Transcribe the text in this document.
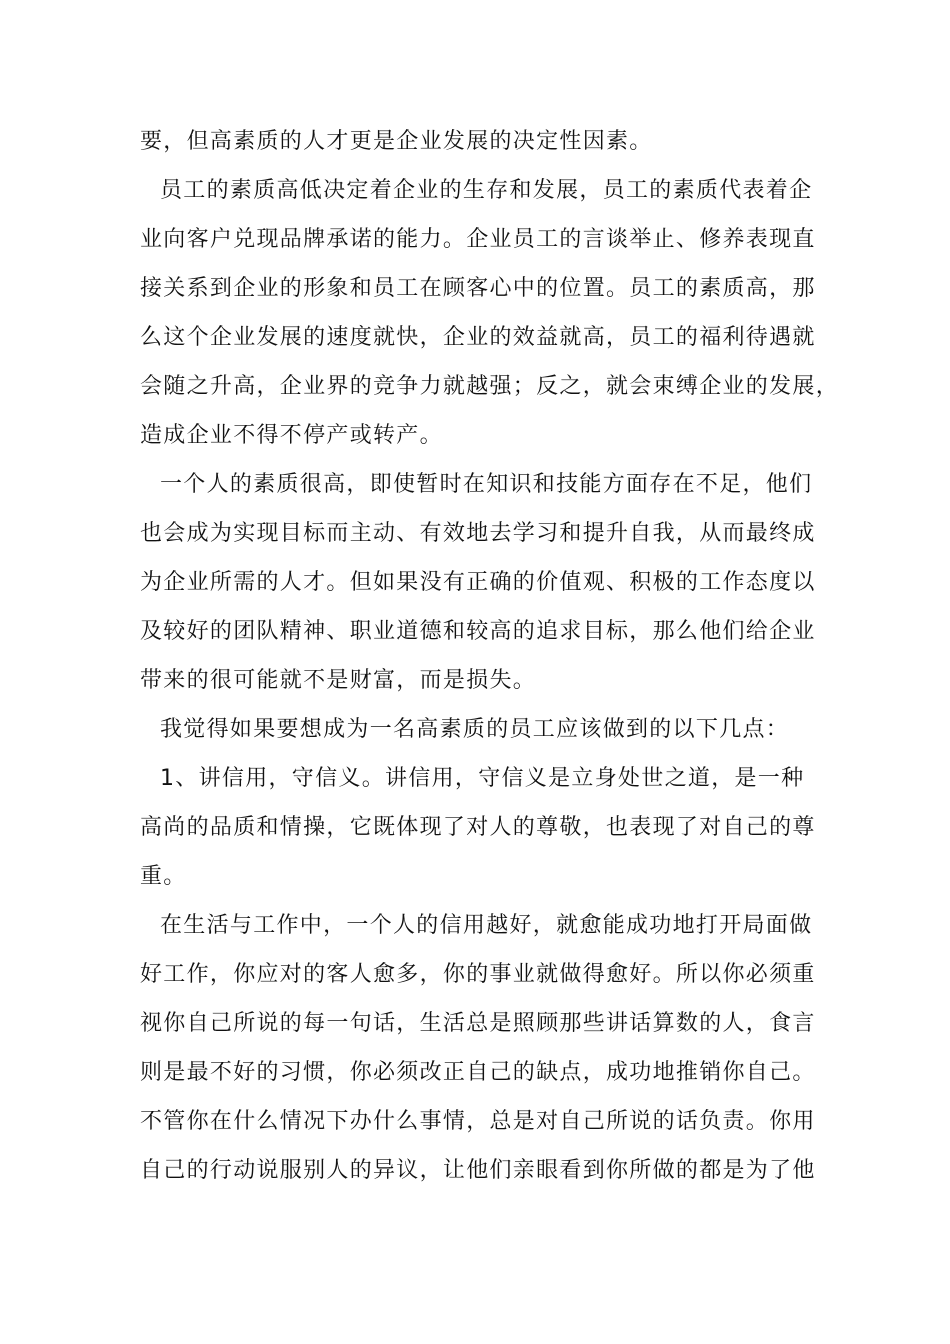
要，但高素质的人才更是企业发展的决定性因素。
员工的素质高低决定着企业的生存和发展，员工的素质代表着企
业向客户兑现品牌承诺的能力。企业员工的言谈举止、修养表现直
接关系到企业的形象和员工在顾客心中的位置。员工的素质高，那
么这个企业发展的速度就快，企业的效益就高，员工的福利待遇就
会随之升高，企业界的竞争力就越强；反之，就会束缚企业的发展，
造成企业不得不停产或转产。
一个人的素质很高，即使暂时在知识和技能方面存在不足，他们
也会成为实现目标而主动、有效地去学习和提升自我，从而最终成
为企业所需的人才。但如果没有正确的价值观、积极的工作态度以
及较好的团队精神、职业道德和较高的追求目标，那么他们给企业
带来的很可能就不是财富，而是损失。
我觉得如果要想成为一名高素质的员工应该做到的以下几点：
1、讲信用，守信义。讲信用，守信义是立身处世之道，是一种
高尚的品质和情操，它既体现了对人的尊敬，也表现了对自己的尊
重。
在生活与工作中，一个人的信用越好，就愈能成功地打开局面做
好工作，你应对的客人愈多，你的事业就做得愈好。所以你必须重
视你自己所说的每一句话，生活总是照顾那些讲话算数的人，食言
则是最不好的习惯，你必须改正自己的缺点，成功地推销你自己。
不管你在什么情况下办什么事情，总是对自己所说的话负责。你用
自己的行动说服别人的异议，让他们亲眼看到你所做的都是为了他
